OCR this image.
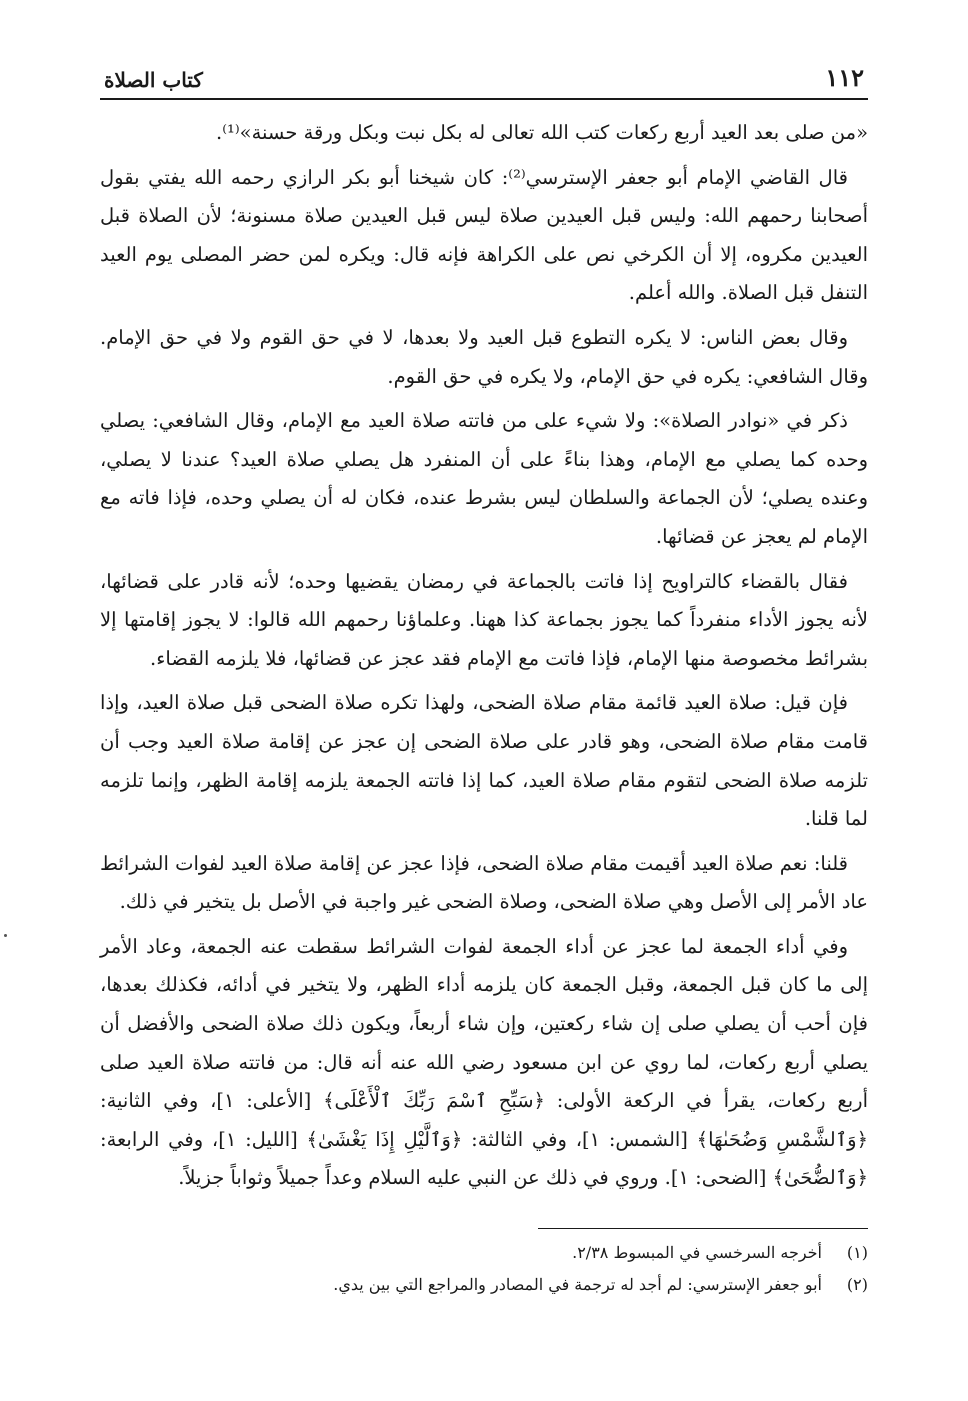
١١٢
كتاب الصلاة

«من صلى بعد العيد أربع ركعات كتب الله تعالى له بكل نبت وبكل ورقة حسنة»⁽¹⁾.

قال القاضي الإمام أبو جعفر الإسترسي⁽²⁾: كان شيخنا أبو بكر الرازي رحمه الله يفتي بقول أصحابنا رحمهم الله: وليس قبل العيدين صلاة ليس قبل العيدين صلاة مسنونة؛ لأن الصلاة قبل العيدين مكروه، إلا أن الكرخي نص على الكراهة فإنه قال: ويكره لمن حضر المصلى يوم العيد التنفل قبل الصلاة. والله أعلم.

وقال بعض الناس: لا يكره التطوع قبل العيد ولا بعدها، لا في حق القوم ولا في حق الإمام. وقال الشافعي: يكره في حق الإمام، ولا يكره في حق القوم.

ذكر في «نوادر الصلاة»: ولا شيء على من فاتته صلاة العيد مع الإمام، وقال الشافعي: يصلي وحده كما يصلي مع الإمام، وهذا بناءً على أن المنفرد هل يصلي صلاة العيد؟ عندنا لا يصلي، وعنده يصلي؛ لأن الجماعة والسلطان ليس بشرط عنده، فكان له أن يصلي وحده، فإذا فاته مع الإمام لم يعجز عن قضائها.

فقال بالقضاء كالتراويح إذا فاتت بالجماعة في رمضان يقضيها وحده؛ لأنه قادر على قضائها، لأنه يجوز الأداء منفرداً كما يجوز بجماعة كذا ههنا. وعلماؤنا رحمهم الله قالوا: لا يجوز إقامتها إلا بشرائط مخصوصة منها الإمام، فإذا فاتت مع الإمام فقد عجز عن قضائها، فلا يلزمه القضاء.

فإن قيل: صلاة العيد قائمة مقام صلاة الضحى، ولهذا تكره صلاة الضحى قبل صلاة العيد، وإذا قامت مقام صلاة الضحى، وهو قادر على صلاة الضحى إن عجز عن إقامة صلاة العيد وجب أن تلزمه صلاة الضحى لتقوم مقام صلاة العيد، كما إذا فاتته الجمعة يلزمه إقامة الظهر، وإنما تلزمه لما قلنا.

قلنا: نعم صلاة العيد أقيمت مقام صلاة الضحى، فإذا عجز عن إقامة صلاة العيد لفوات الشرائط عاد الأمر إلى الأصل وهي صلاة الضحى، وصلاة الضحى غير واجبة في الأصل بل يتخير في ذلك.

وفي أداء الجمعة لما عجز عن أداء الجمعة لفوات الشرائط سقطت عنه الجمعة، وعاد الأمر إلى ما كان قبل الجمعة، وقبل الجمعة كان يلزمه أداء الظهر، ولا يتخير في أدائه، فكذلك بعدها، فإن أحب أن يصلي صلى إن شاء ركعتين، وإن شاء أربعاً، ويكون ذلك صلاة الضحى والأفضل أن يصلي أربع ركعات، لما روي عن ابن مسعود رضي الله عنه أنه قال: من فاتته صلاة العيد صلى أربع ركعات، يقرأ في الركعة الأولى: ﴿سَبِّحِ ٱسْمَ رَبِّكَ ٱلْأَعْلَى﴾ [الأعلى: ١]، وفي الثانية: ﴿وَٱلشَّمْسِ وَضُحَىٰهَا﴾ [الشمس: ١]، وفي الثالثة: ﴿وَٱلَّيْلِ إِذَا يَغْشَىٰ﴾ [الليل: ١]، وفي الرابعة: ﴿وَٱلضُّحَىٰ﴾ [الضحى: ١]. وروي في ذلك عن النبي عليه السلام وعداً جميلاً وثواباً جزيلاً.

(١)
أخرجه السرخسي في المبسوط ٢/٣٨.
(٢)
أبو جعفر الإسترسي: لم أجد له ترجمة في المصادر والمراجع التي بين يدي.
